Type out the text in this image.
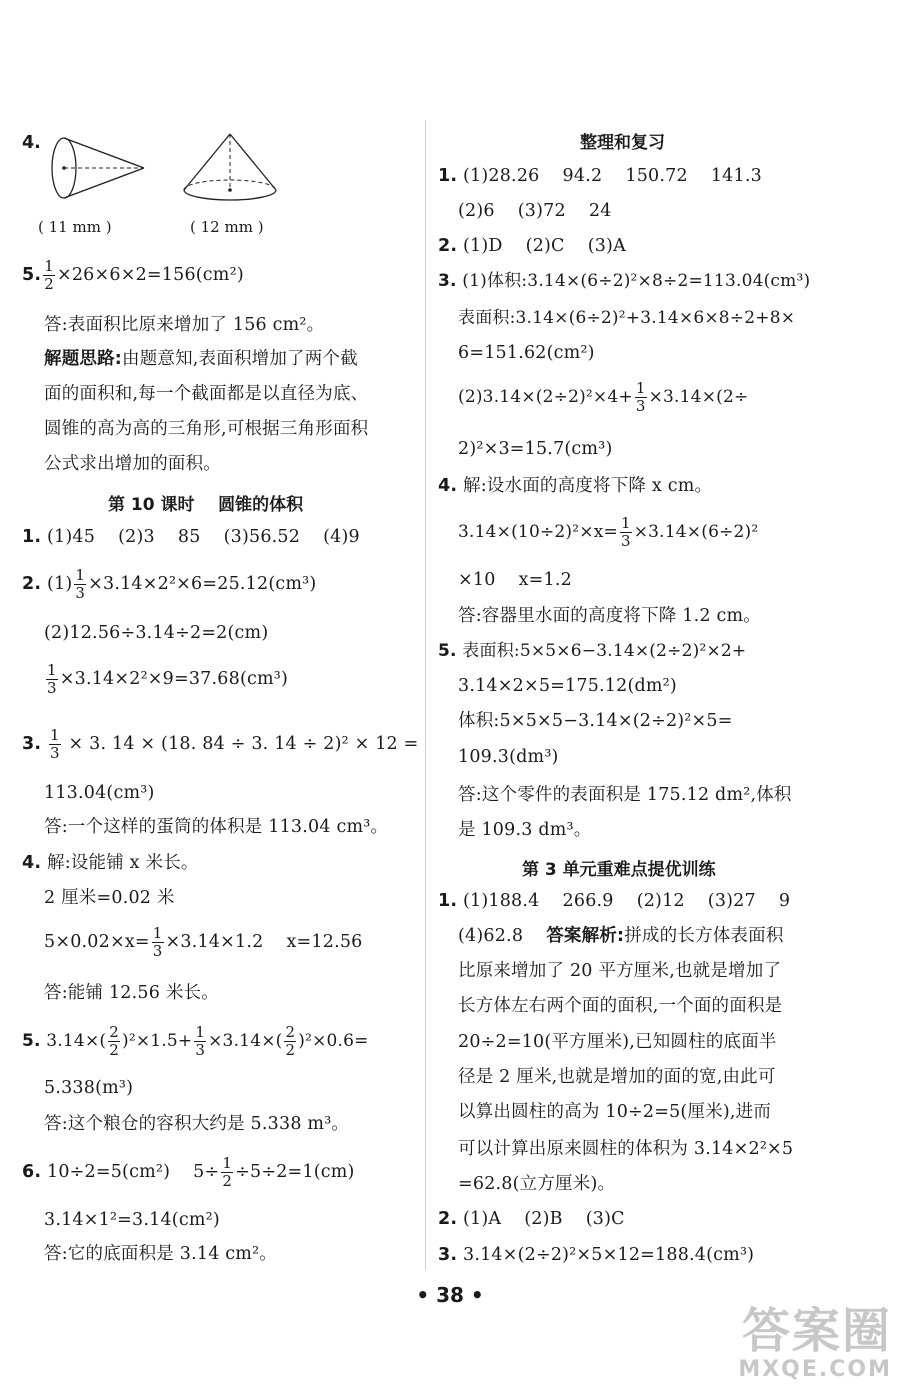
4.
( 11 mm )	( 12 mm )
5. $\frac{1}{2} \times 26\times 6\times 2=156(cm^2)$
答:表面积比原来增加了 156 cm²。
解题思路:由题意知,表面积增加了两个截
面的面积和,每一个截面都是以直径为底、
圆锥的高为高的三角形,可根据三角形面积
公式求出增加的面积。
第 10 课时    圆锥的体积
1. (1)45    (2)3    85    (3)56.52    (4)9
2. $(1) \frac{1}{3} \times 3.14\times 2^2\times 6=25.12(cm^3)$
(2)12.56÷3.14÷2=2(cm)
$\frac{1}{3} \times 3.14\times 2^2\times 9=37.68(cm^3)$
3. $\frac{1}{3} \times 3$. 14 × (18. 84 ÷ 3. 14 ÷ 2)² × 12 =
113.04(cm³)
答:一个这样的蛋筒的体积是 113.04 cm³。
4. 解:设能铺 x 米长。
2 厘米=0.02 米
$5\times 0.02\times x= \frac{1}{3} \times 3.14\times 1.2$    x=12.56
答:能铺 12.56 米长。
5. $3.14\times( \frac{2}{2} )^2\times 1.5+ \frac{1}{3} \times 3.14\times( \frac{2}{2} )^2\times 0.6=$
5.338(m³)
答:这个粮仓的容积大约是 5.338 m³。
6. 10÷2=5(cm²)    $5\div \frac{1}{2} \div 5\div 2=1(cm)$
3.14×1²=3.14(cm²)
答:它的底面积是 3.14 cm²。
整理和复习
1. (1)28.26    94.2    150.72    141.3
(2)6    (3)72    24
2. (1)D    (2)C    (3)A
3. (1)体积:3.14×(6÷2)²×8÷2=113.04(cm³)
表面积:3.14×(6÷2)²+3.14×6×8÷2+8×
6=151.62(cm²)
$(2)3.14\times(2\div 2)^2\times 4+ \frac{1}{3} \times 3.14\times(2\div$
2)²×3=15.7(cm³)
4. 解:设水面的高度将下降 x cm。
$3.14\times(10\div 2)^2\times x= \frac{1}{3} \times 3.14\times(6\div 2)^2$
×10    x=1.2
答:容器里水面的高度将下降 1.2 cm。
5. 表面积:5×5×6−3.14×(2÷2)²×2+
3.14×2×5=175.12(dm²)
体积:5×5×5−3.14×(2÷2)²×5=
109.3(dm³)
答:这个零件的表面积是 175.12 dm²,体积
是 109.3 dm³。
第 3 单元重难点提优训练
1. (1)188.4    266.9    (2)12    (3)27    9
(4)62.8    答案解析:拼成的长方体表面积
比原来增加了 20 平方厘米,也就是增加了
长方体左右两个面的面积,一个面的面积是
20÷2=10(平方厘米),已知圆柱的底面半
径是 2 厘米,也就是增加的面的宽,由此可
以算出圆柱的高为 10÷2=5(厘米),进而
可以计算出原来圆柱的体积为 3.14×2²×5
=62.8(立方厘米)。
2. (1)A    (2)B    (3)C
3. 3.14×(2÷2)²×5×12=188.4(cm³)
• 38 •
答案圈
MXQE.COM
